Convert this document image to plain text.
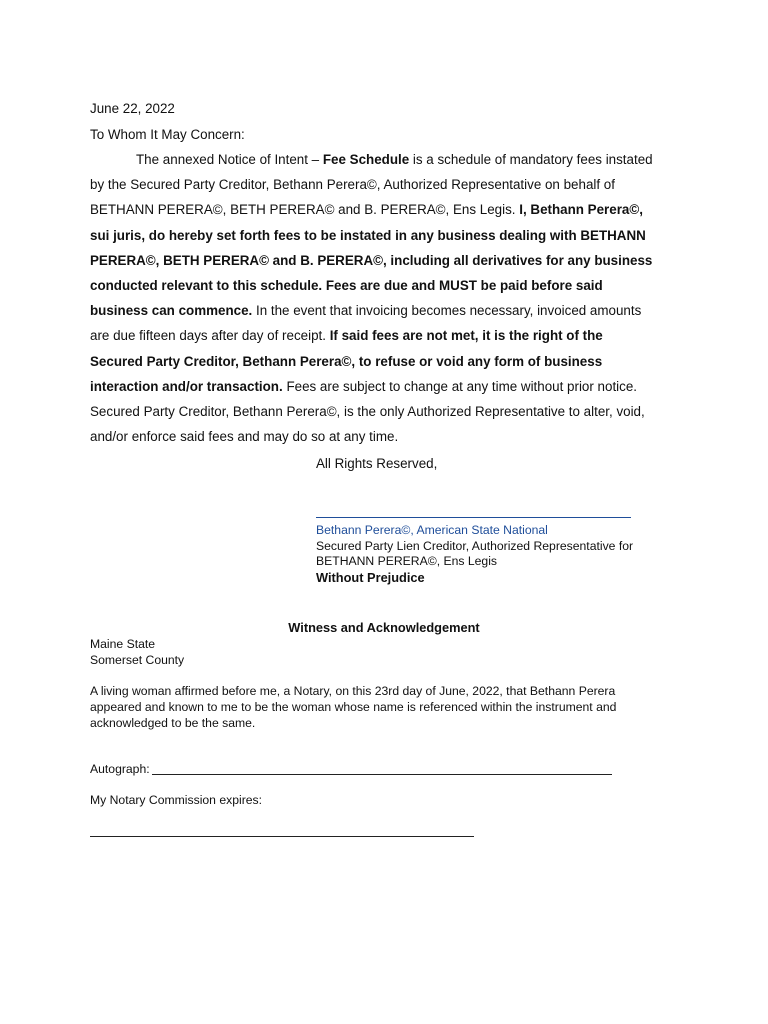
June 22, 2022
To Whom It May Concern:
The annexed Notice of Intent – Fee Schedule is a schedule of mandatory fees instated
by the Secured Party Creditor, Bethann Perera©, Authorized Representative on behalf of
BETHANN PERERA©, BETH PERERA© and B. PERERA©, Ens Legis. I, Bethann Perera©,
sui juris, do hereby set forth fees to be instated in any business dealing with BETHANN
PERERA©, BETH PERERA© and B. PERERA©, including all derivatives for any business
conducted relevant to this schedule. Fees are due and MUST be paid before said
business can commence. In the event that invoicing becomes necessary, invoiced amounts
are due fifteen days after day of receipt. If said fees are not met, it is the right of the
Secured Party Creditor, Bethann Perera©, to refuse or void any form of business
interaction and/or transaction. Fees are subject to change at any time without prior notice.
Secured Party Creditor, Bethann Perera©, is the only Authorized Representative to alter, void,
and/or enforce said fees and may do so at any time.
All Rights Reserved,
Bethann Perera©, American State National
Secured Party Lien Creditor, Authorized Representative for
BETHANN PERERA©, Ens Legis
Without Prejudice
Witness and Acknowledgement
Maine State
Somerset County
A living woman affirmed before me, a Notary, on this 23rd day of June, 2022, that Bethann Perera
appeared and known to me to be the woman whose name is referenced within the instrument and
acknowledged to be the same.
Autograph:
My Notary Commission expires:
